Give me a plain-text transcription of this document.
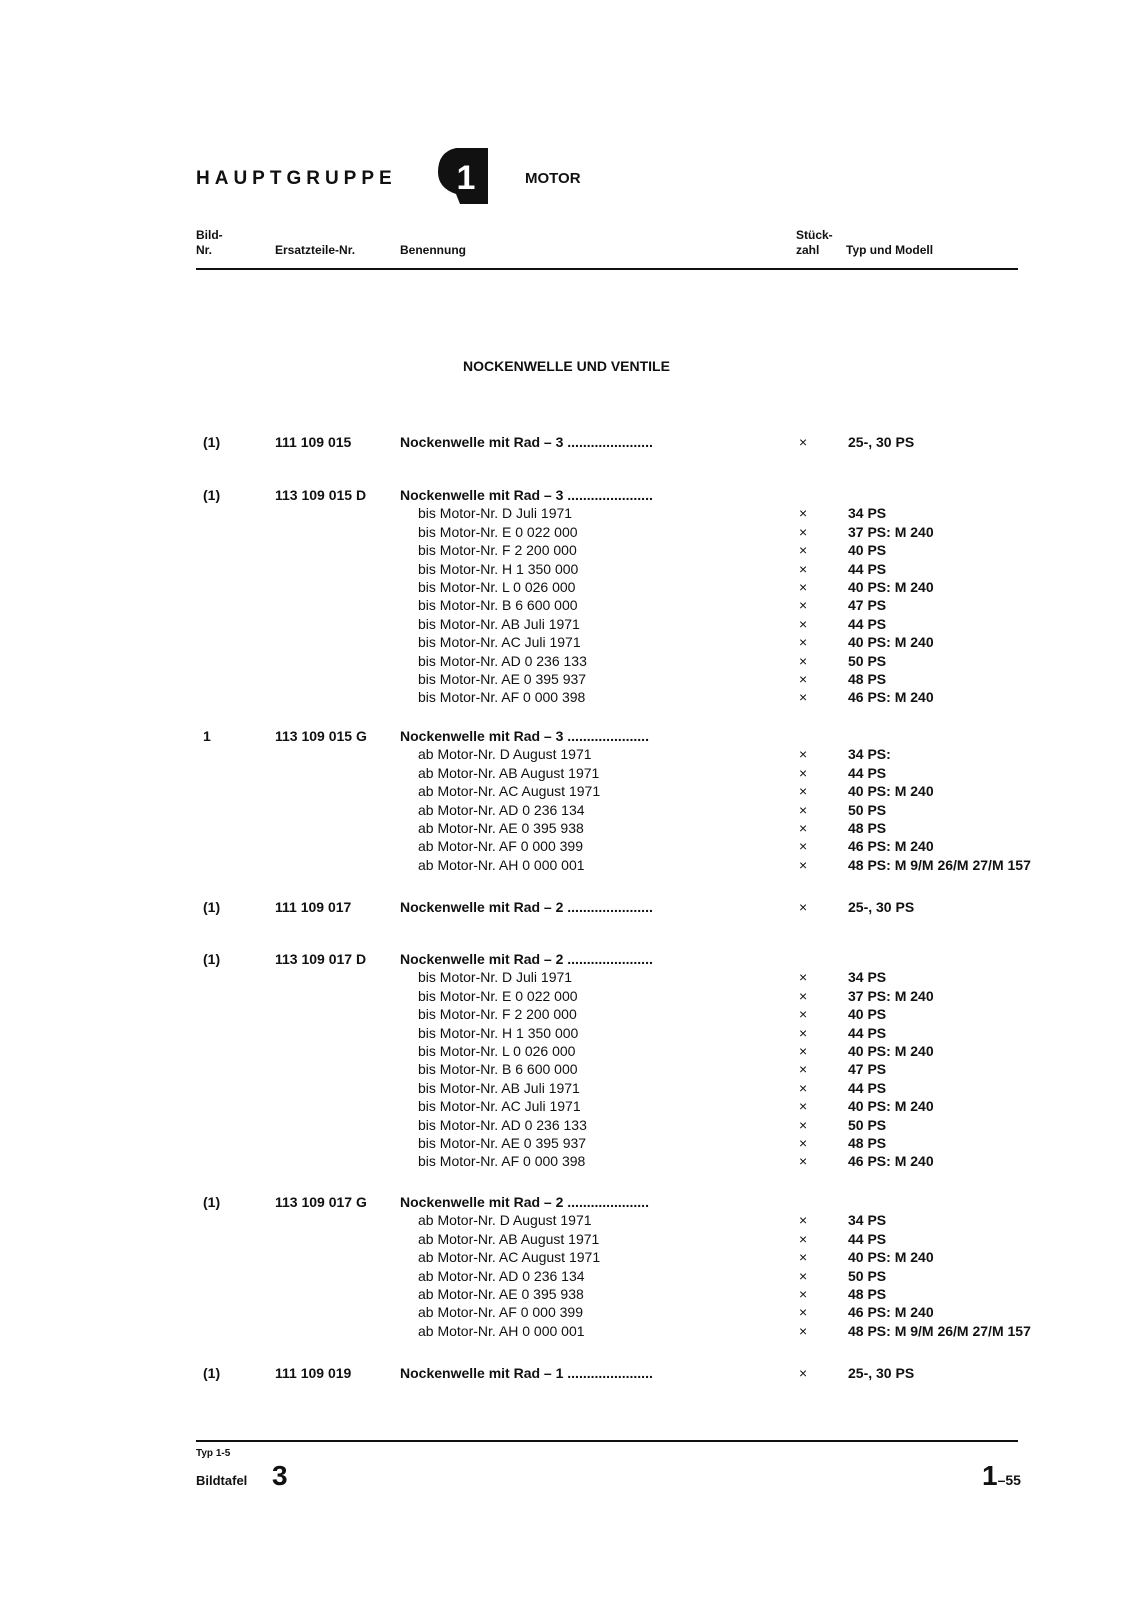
HAUPTGRUPPE 1	MOTOR
Bild-
Nr.	Ersatzteile-Nr.	Benennung
Stück-
zahl	Typ und Modell
NOCKENWELLE UND VENTILE
(1)	111 109 015	Nockenwelle mit Rad – 3 ......................	×	25-, 30 PS
(1)	113 109 015 D Nockenwelle mit Rad – 3 ......................
bis Motor-Nr. D Juli 1971	×	34 PS
bis Motor-Nr. E 0 022 000	×	37 PS: M 240
bis Motor-Nr. F 2 200 000	×	40 PS
bis Motor-Nr. H 1 350 000	×	44 PS
bis Motor-Nr. L 0 026 000	×	40 PS: M 240
bis Motor-Nr. B 6 600 000	×	47 PS
bis Motor-Nr. AB Juli 1971	×	44 PS
bis Motor-Nr. AC Juli 1971	×	40 PS: M 240
bis Motor-Nr. AD 0 236 133	×	50 PS
bis Motor-Nr. AE 0 395 937	×	48 PS
bis Motor-Nr. AF 0 000 398	×	46 PS: M 240
1	113 109 015 G Nockenwelle mit Rad – 3 .....................
ab Motor-Nr. D August 1971	×	34 PS:
ab Motor-Nr. AB August 1971	×	44 PS
ab Motor-Nr. AC August 1971	×	40 PS: M 240
ab Motor-Nr. AD 0 236 134	×	50 PS
ab Motor-Nr. AE 0 395 938	×	48 PS
ab Motor-Nr. AF 0 000 399	×	46 PS: M 240
ab Motor-Nr. AH 0 000 001	×	48 PS: M 9/M 26/M 27/M 157
(1)	111 109 017	Nockenwelle mit Rad – 2 ......................	×	25-, 30 PS
(1)	113 109 017 D Nockenwelle mit Rad – 2 ......................
bis Motor-Nr. D Juli 1971	×	34 PS
bis Motor-Nr. E 0 022 000	×	37 PS: M 240
bis Motor-Nr. F 2 200 000	×	40 PS
bis Motor-Nr. H 1 350 000	×	44 PS
bis Motor-Nr. L 0 026 000	×	40 PS: M 240
bis Motor-Nr. B 6 600 000	×	47 PS
bis Motor-Nr. AB Juli 1971	×	44 PS
bis Motor-Nr. AC Juli 1971	×	40 PS: M 240
bis Motor-Nr. AD 0 236 133	×	50 PS
bis Motor-Nr. AE 0 395 937	×	48 PS
bis Motor-Nr. AF 0 000 398	×	46 PS: M 240
(1)	113 109 017 G Nockenwelle mit Rad – 2 .....................
ab Motor-Nr. D August 1971	×	34 PS
ab Motor-Nr. AB August 1971	×	44 PS
ab Motor-Nr. AC August 1971	×	40 PS: M 240
ab Motor-Nr. AD 0 236 134	×	50 PS
ab Motor-Nr. AE 0 395 938	×	48 PS
ab Motor-Nr. AF 0 000 399	×	46 PS: M 240
ab Motor-Nr. AH 0 000 001	×	48 PS: M 9/M 26/M 27/M 157
(1)	111 109 019	Nockenwelle mit Rad – 1 ......................	×	25-, 30 PS
Typ 1-5
Bildtafel 3	1–55
